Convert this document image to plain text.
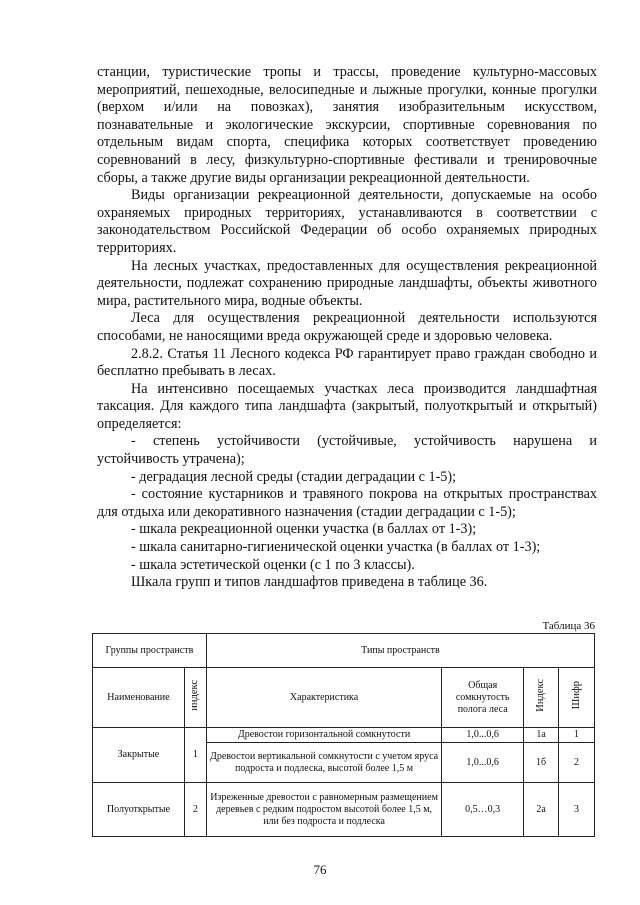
станции, туристические тропы и трассы, проведение культурно-массовых мероприятий, пешеходные, велосипедные и лыжные прогулки, конные прогулки (верхом и/или на повозках), занятия изобразительным искусством, познавательные и экологические экскурсии, спортивные соревнования по отдельным видам спорта, специфика которых соответствует проведению соревнований в лесу, физкультурно-спортивные фестивали и тренировочные сборы, а также другие виды организации рекреационной деятельности.

Виды организации рекреационной деятельности, допускаемые на особо охраняемых природных территориях, устанавливаются в соответствии с законодательством Российской Федерации об особо охраняемых природных территориях.

На лесных участках, предоставленных для осуществления рекреационной деятельности, подлежат сохранению природные ландшафты, объекты животного мира, растительного мира, водные объекты.

Леса для осуществления рекреационной деятельности используются способами, не наносящими вреда окружающей среде и здоровью человека.

2.8.2. Статья 11 Лесного кодекса РФ гарантирует право граждан свободно и бесплатно пребывать в лесах.

На интенсивно посещаемых участках леса производится ландшафтная таксация. Для каждого типа ландшафта (закрытый, полуоткрытый и открытый) определяется:

- степень устойчивости (устойчивые, устойчивость нарушена и устойчивость утрачена);

- деградация лесной среды (стадии деградации с 1-5);

- состояние кустарников и травяного покрова на открытых пространствах для отдыха или декоративного назначения (стадии деградации с 1-5);

- шкала рекреационной оценки участка (в баллах от 1-3);

- шкала санитарно-гигиенической оценки участка (в баллах от 1-3);

- шкала эстетической оценки (с 1 по 3 классы).

Шкала групп и типов ландшафтов приведена в таблице 36.

Таблица 36
Группы пространств		Типы пространств			
Наименование	индекс	Характеристика	Общая сомкнутость полога леса	Индекс	Шифр
Закрытые	1	Древостои горизонтальной сомкнутости	1,0...0,6	1а	1
		Древостои вертикальной сомкнутости с учетом яруса подроста и подлеска, высотой более 1,5 м	1,0...0,6	1б	2
Полуоткрытые	2	Изреженные древостои с равномерным размещением деревьев с редким подростом высотой более 1,5 м, или без подроста и подлеска	0,5…0,3	2а	3
76
